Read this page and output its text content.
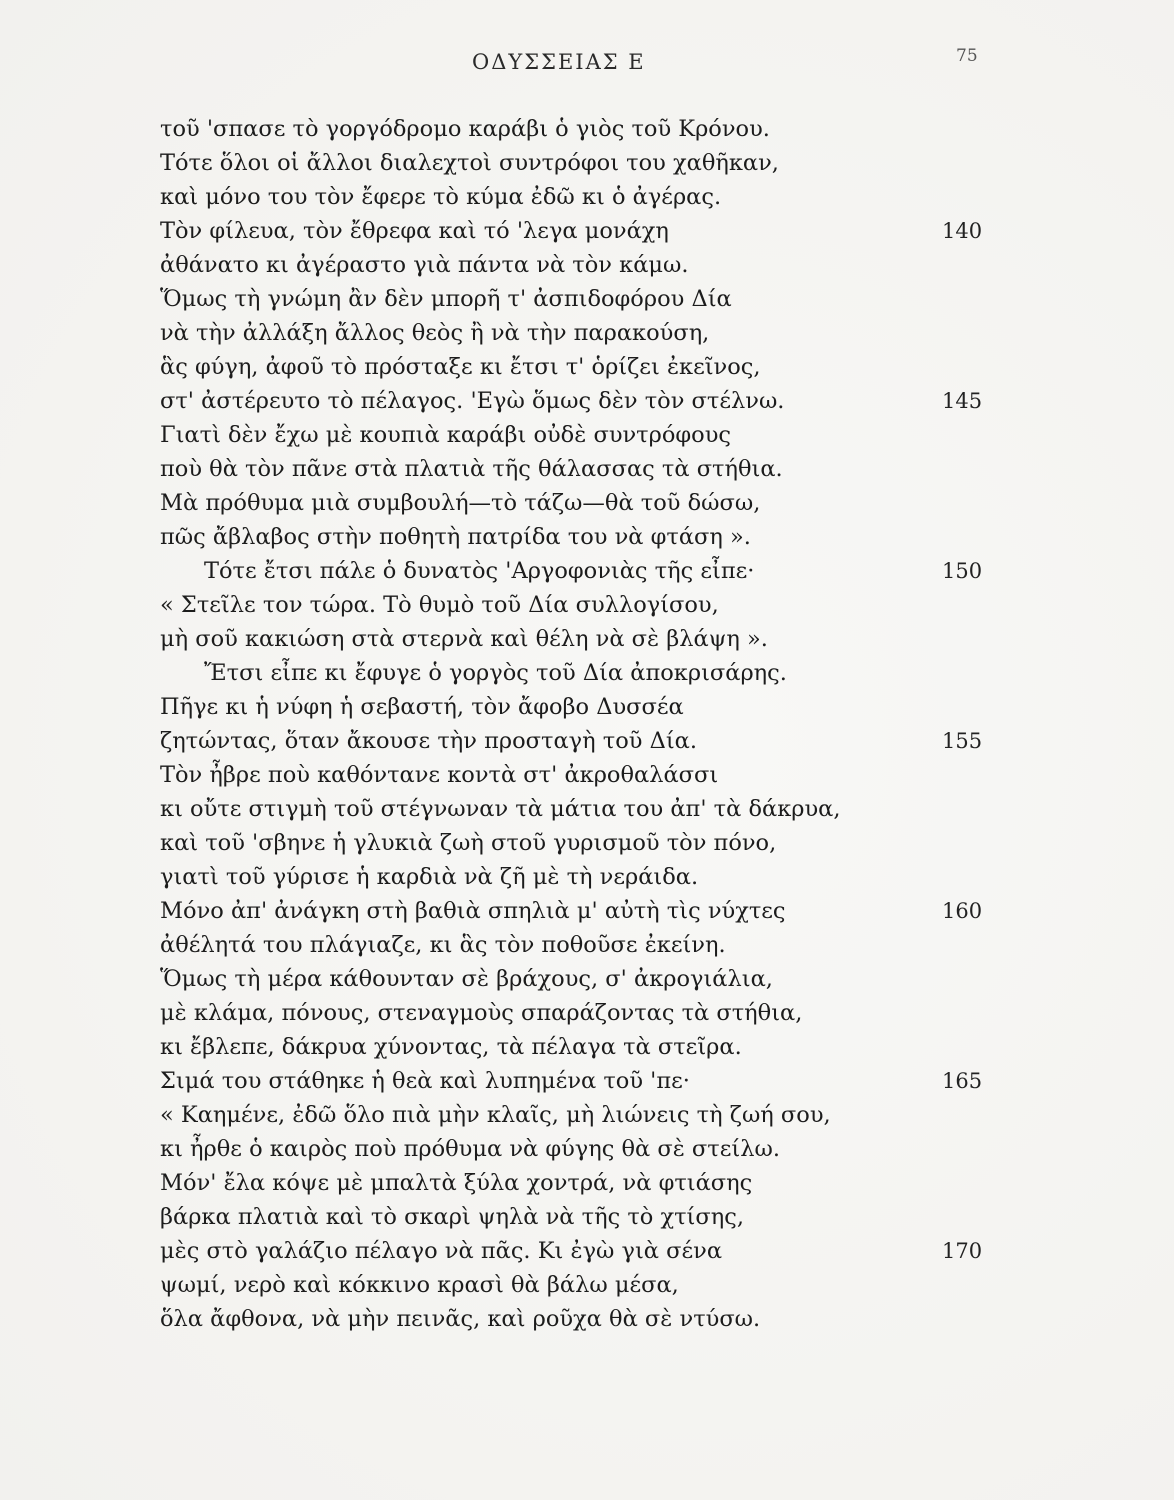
ΟΔΥΣΣΕΙΑΣ Ε	75
τοῦ 'σπασε τὸ γοργόδρομο καράβι ὁ γιὸς τοῦ Κρόνου.
Τότε ὅλοι οἱ ἄλλοι διαλεχτοὶ συντρόφοι του χαθῆκαν,
καὶ μόνο του τὸν ἔφερε τὸ κύμα ἐδῶ κι ὁ ἀγέρας.
Τὸν φίλευα, τὸν ἔθρεφα καὶ τό 'λεγα μονάχη	140
ἀθάνατο κι ἀγέραστο γιὰ πάντα νὰ τὸν κάμω.
Ὅμως τὴ γνώμη ἂν δὲν μπορῆ τ' ἀσπιδοφόρου Δία
νὰ τὴν ἀλλάξη ἄλλος θεὸς ἢ νὰ τὴν παρακούση,
ἃς φύγη, ἀφοῦ τὸ πρόσταξε κι ἔτσι τ' ὁρίζει ἐκεῖνος,
στ' ἀστέρευτο τὸ πέλαγος. 'Εγὼ ὅμως δὲν τὸν στέλνω.	145
Γιατὶ δὲν ἔχω μὲ κουπιὰ καράβι οὐδὲ συντρόφους
ποὺ θὰ τὸν πᾶνε στὰ πλατιὰ τῆς θάλασσας τὰ στήθια.
Μὰ πρόθυμα μιὰ συμβουλή—τὸ τάζω—θὰ τοῦ δώσω,
πῶς ἄβλαβος στὴν ποθητὴ πατρίδα του νὰ φτάση ».
Τότε ἔτσι πάλε ὁ δυνατὸς 'Αργοφονιὰς τῆς εἶπε·	150
« Στεῖλε τον τώρα. Τὸ θυμὸ τοῦ Δία συλλογίσου,
μὴ σοῦ κακιώση στὰ στερνὰ καὶ θέλη νὰ σὲ βλάψη ».
Ἔτσι εἶπε κι ἔφυγε ὁ γοργὸς τοῦ Δία ἀποκρισάρης.
Πῆγε κι ἡ νύφη ἡ σεβαστή, τὸν ἄφοβο Δυσσέα
ζητώντας, ὅταν ἄκουσε τὴν προσταγὴ τοῦ Δία.	155
Τὸν ἦβρε ποὺ καθόντανε κοντὰ στ' ἀκροθαλάσσι
κι οὔτε στιγμὴ τοῦ στέγνωναν τὰ μάτια του ἀπ' τὰ δάκρυα,
καὶ τοῦ 'σβηνε ἡ γλυκιὰ ζωὴ στοῦ γυρισμοῦ τὸν πόνο,
γιατὶ τοῦ γύρισε ἡ καρδιὰ νὰ ζῆ μὲ τὴ νεράιδα.
Μόνο ἀπ' ἀνάγκη στὴ βαθιὰ σπηλιὰ μ' αὐτὴ τὶς νύχτες	160
ἀθέλητά του πλάγιαζε, κι ἃς τὸν ποθοῦσε ἐκείνη.
Ὅμως τὴ μέρα κάθουνταν σὲ βράχους, σ' ἀκρογιάλια,
μὲ κλάμα, πόνους, στεναγμοὺς σπαράζοντας τὰ στήθια,
κι ἔβλεπε, δάκρυα χύνοντας, τὰ πέλαγα τὰ στεῖρα.
Σιμά του στάθηκε ἡ θεὰ καὶ λυπημένα τοῦ 'πε·	165
« Καημένε, ἐδῶ ὅλο πιὰ μὴν κλαῖς, μὴ λιώνεις τὴ ζωή σου,
κι ἦρθε ὁ καιρὸς ποὺ πρόθυμα νὰ φύγης θὰ σὲ στείλω.
Μόν' ἔλα κόψε μὲ μπαλτὰ ξύλα χοντρά, νὰ φτιάσης
βάρκα πλατιὰ καὶ τὸ σκαρὶ ψηλὰ νὰ τῆς τὸ χτίσης,
μὲς στὸ γαλάζιο πέλαγο νὰ πᾶς. Κι ἐγὼ γιὰ σένα	170
ψωμί, νερὸ καὶ κόκκινο κρασὶ θὰ βάλω μέσα,
ὅλα ἄφθονα, νὰ μὴν πεινᾶς, καὶ ροῦχα θὰ σὲ ντύσω.
